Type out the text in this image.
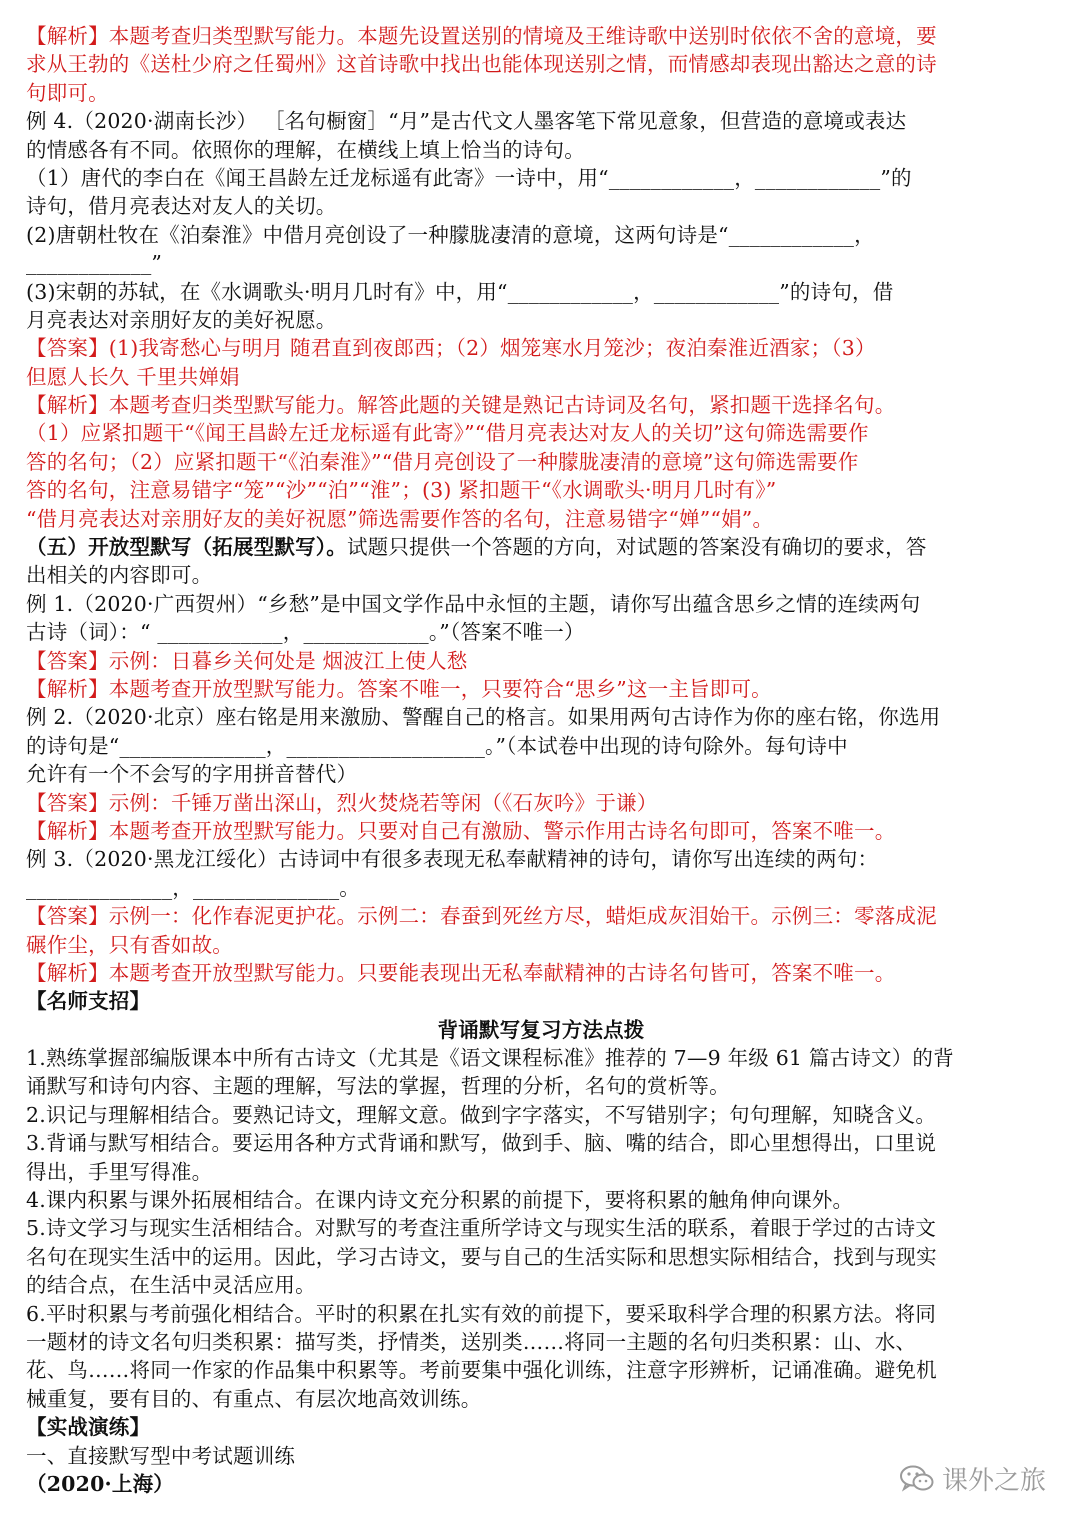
【解析】本题考查归类型默写能力。本题先设置送别的情境及王维诗歌中送别时依依不舍的意境，要
求从王勃的《送杜少府之任蜀州》这首诗歌中找出也能体现送别之情，而情感却表现出豁达之意的诗
句即可。
例 4.（2020·湖南长沙） ［名句橱窗］“月”是古代文人墨客笔下常见意象，但营造的意境或表达
的情感各有不同。依照你的理解，在横线上填上恰当的诗句。
（1）唐代的李白在《闻王昌龄左迁龙标遥有此寄》一诗中，用“____________，____________”的
诗句，借月亮表达对友人的关切。
(2)唐朝杜牧在《泊秦淮》中借月亮创设了一种朦胧凄清的意境，这两句诗是“____________，
____________”
(3)宋朝的苏轼，在《水调歌头·明月几时有》中，用“____________，____________”的诗句，借
月亮表达对亲朋好友的美好祝愿。
【答案】(1)我寄愁心与明月 随君直到夜郎西；（2）烟笼寒水月笼沙；夜泊秦淮近酒家；（3）
但愿人长久 千里共婵娟
【解析】本题考查归类型默写能力。解答此题的关键是熟记古诗词及名句，紧扣题干选择名句。
（1）应紧扣题干“《闻王昌龄左迁龙标遥有此寄》”“借月亮表达对友人的关切”这句筛选需要作
答的名句；（2）应紧扣题干“《泊秦淮》”“借月亮创设了一种朦胧凄清的意境”这句筛选需要作
答的名句，注意易错字“笼”“沙”“泊”“淮”；(3) 紧扣题干“《水调歌头·明月几时有》”
“借月亮表达对亲朋好友的美好祝愿”筛选需要作答的名句，注意易错字“婵”“娟”。
（五）开放型默写（拓展型默写）。试题只提供一个答题的方向，对试题的答案没有确切的要求，答
出相关的内容即可。
例 1.（2020·广西贺州）“乡愁”是中国文学作品中永恒的主题，请你写出蕴含思乡之情的连续两句
古诗（词）：“ ____________，____________。”（答案不唯一）
【答案】示例：日暮乡关何处是 烟波江上使人愁
【解析】本题考查开放型默写能力。答案不唯一，只要符合“思乡”这一主旨即可。
例 2.（2020·北京）座右铭是用来激励、警醒自己的格言。如果用两句古诗作为你的座右铭，你选用
的诗句是“______________，___________________。”（本试卷中出现的诗句除外。每句诗中
允许有一个不会写的字用拼音替代）
【答案】示例：千锤万凿出深山，烈火焚烧若等闲（《石灰吟》于谦）
【解析】本题考查开放型默写能力。只要对自己有激励、警示作用古诗名句即可，答案不唯一。
例 3.（2020·黑龙江绥化）古诗词中有很多表现无私奉献精神的诗句，请你写出连续的两句：
______________，______________。
【答案】示例一：化作春泥更护花。示例二：春蚕到死丝方尽，蜡炬成灰泪始干。示例三：零落成泥
碾作尘，只有香如故。
【解析】本题考查开放型默写能力。只要能表现出无私奉献精神的古诗名句皆可，答案不唯一。
【名师支招】
背诵默写复习方法点拨
1.熟练掌握部编版课本中所有古诗文（尤其是《语文课程标准》推荐的 7—9 年级 61 篇古诗文）的背
诵默写和诗句内容、主题的理解，写法的掌握，哲理的分析，名句的赏析等。
2.识记与理解相结合。要熟记诗文，理解文意。做到字字落实，不写错别字；句句理解，知晓含义。
3.背诵与默写相结合。要运用各种方式背诵和默写，做到手、脑、嘴的结合，即心里想得出，口里说
得出，手里写得准。
4.课内积累与课外拓展相结合。在课内诗文充分积累的前提下，要将积累的触角伸向课外。
5.诗文学习与现实生活相结合。对默写的考查注重所学诗文与现实生活的联系，着眼于学过的古诗文
名句在现实生活中的运用。因此，学习古诗文，要与自己的生活实际和思想实际相结合，找到与现实
的结合点，在生活中灵活应用。
6.平时积累与考前强化相结合。平时的积累在扎实有效的前提下，要采取科学合理的积累方法。将同
一题材的诗文名句归类积累：描写类，抒情类，送别类……将同一主题的名句归类积累：山、水、
花、鸟……将同一作家的作品集中积累等。考前要集中强化训练，注意字形辨析，记诵准确。避免机
械重复，要有目的、有重点、有层次地高效训练。
【实战演练】
一、直接默写型中考试题训练
（2020·上海）	课外之旅
